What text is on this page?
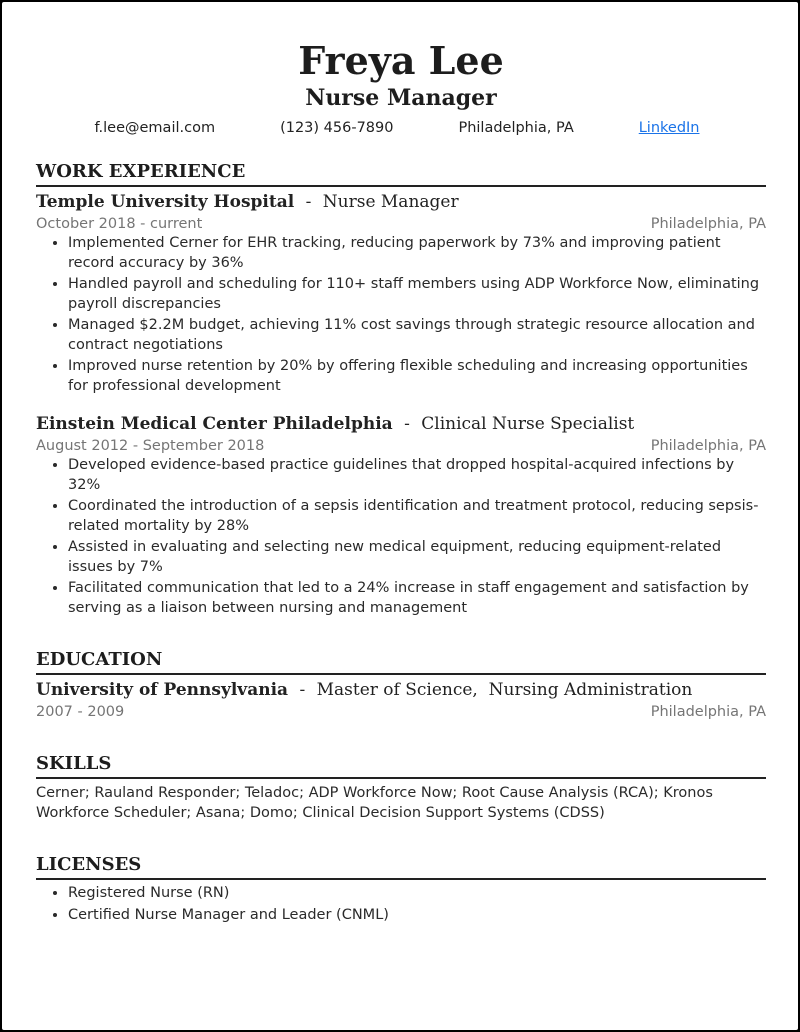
Freya Lee
Nurse Manager
f.lee@email.com	(123) 456-7890	Philadelphia, PA	LinkedIn
WORK EXPERIENCE
Temple University Hospital - Nurse Manager
October 2018 - current	Philadelphia, PA
• Implemented Cerner for EHR tracking, reducing paperwork by 73% and improving patient record accuracy by 36%
• Handled payroll and scheduling for 110+ staff members using ADP Workforce Now, eliminating payroll discrepancies
• Managed $2.2M budget, achieving 11% cost savings through strategic resource allocation and contract negotiations
• Improved nurse retention by 20% by offering flexible scheduling and increasing opportunities for professional development
Einstein Medical Center Philadelphia - Clinical Nurse Specialist
August 2012 - September 2018	Philadelphia, PA
• Developed evidence-based practice guidelines that dropped hospital-acquired infections by 32%
• Coordinated the introduction of a sepsis identification and treatment protocol, reducing sepsis-related mortality by 28%
• Assisted in evaluating and selecting new medical equipment, reducing equipment-related issues by 7%
• Facilitated communication that led to a 24% increase in staff engagement and satisfaction by serving as a liaison between nursing and management
EDUCATION
University of Pennsylvania - Master of Science,  Nursing Administration
2007 - 2009	Philadelphia, PA
SKILLS

Cerner; Rauland Responder; Teladoc; ADP Workforce Now; Root Cause Analysis (RCA); Kronos Workforce Scheduler; Asana; Domo; Clinical Decision Support Systems (CDSS)

LICENSES
• Registered Nurse (RN)
• Certified Nurse Manager and Leader (CNML)
